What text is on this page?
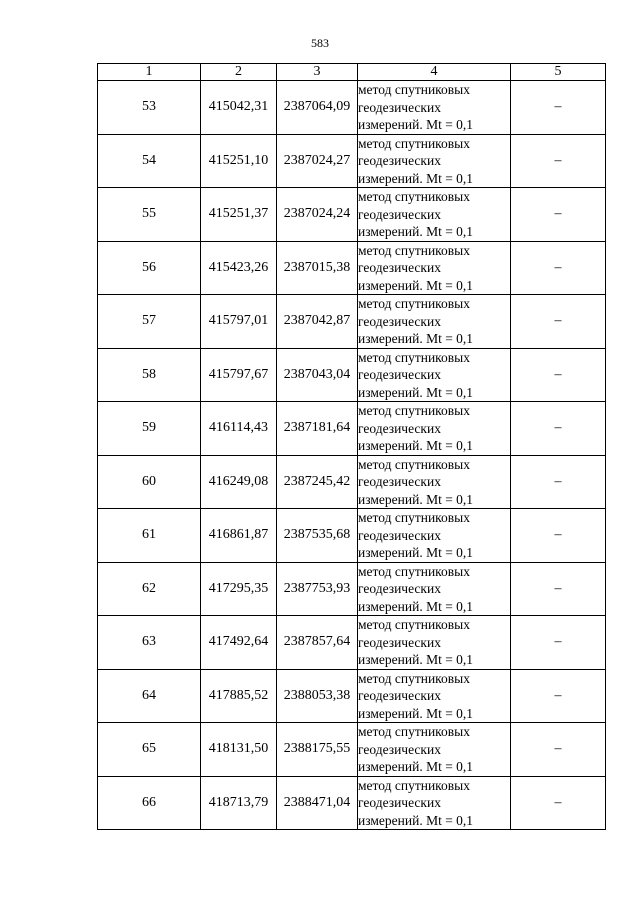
583
1	2	3	4	5
53	415042,31	2387064,09	метод спутниковых
геодезических
измерений. Mt = 0,1	–
54	415251,10	2387024,27	метод спутниковых
геодезических
измерений. Mt = 0,1	–
55	415251,37	2387024,24	метод спутниковых
геодезических
измерений. Mt = 0,1	–
56	415423,26	2387015,38	метод спутниковых
геодезических
измерений. Mt = 0,1	–
57	415797,01	2387042,87	метод спутниковых
геодезических
измерений. Mt = 0,1	–
58	415797,67	2387043,04	метод спутниковых
геодезических
измерений. Mt = 0,1	–
59	416114,43	2387181,64	метод спутниковых
геодезических
измерений. Mt = 0,1	–
60	416249,08	2387245,42	метод спутниковых
геодезических
измерений. Mt = 0,1	–
61	416861,87	2387535,68	метод спутниковых
геодезических
измерений. Mt = 0,1	–
62	417295,35	2387753,93	метод спутниковых
геодезических
измерений. Mt = 0,1	–
63	417492,64	2387857,64	метод спутниковых
геодезических
измерений. Mt = 0,1	–
64	417885,52	2388053,38	метод спутниковых
геодезических
измерений. Mt = 0,1	–
65	418131,50	2388175,55	метод спутниковых
геодезических
измерений. Mt = 0,1	–
66	418713,79	2388471,04	метод спутниковых
геодезических
измерений. Mt = 0,1	–
